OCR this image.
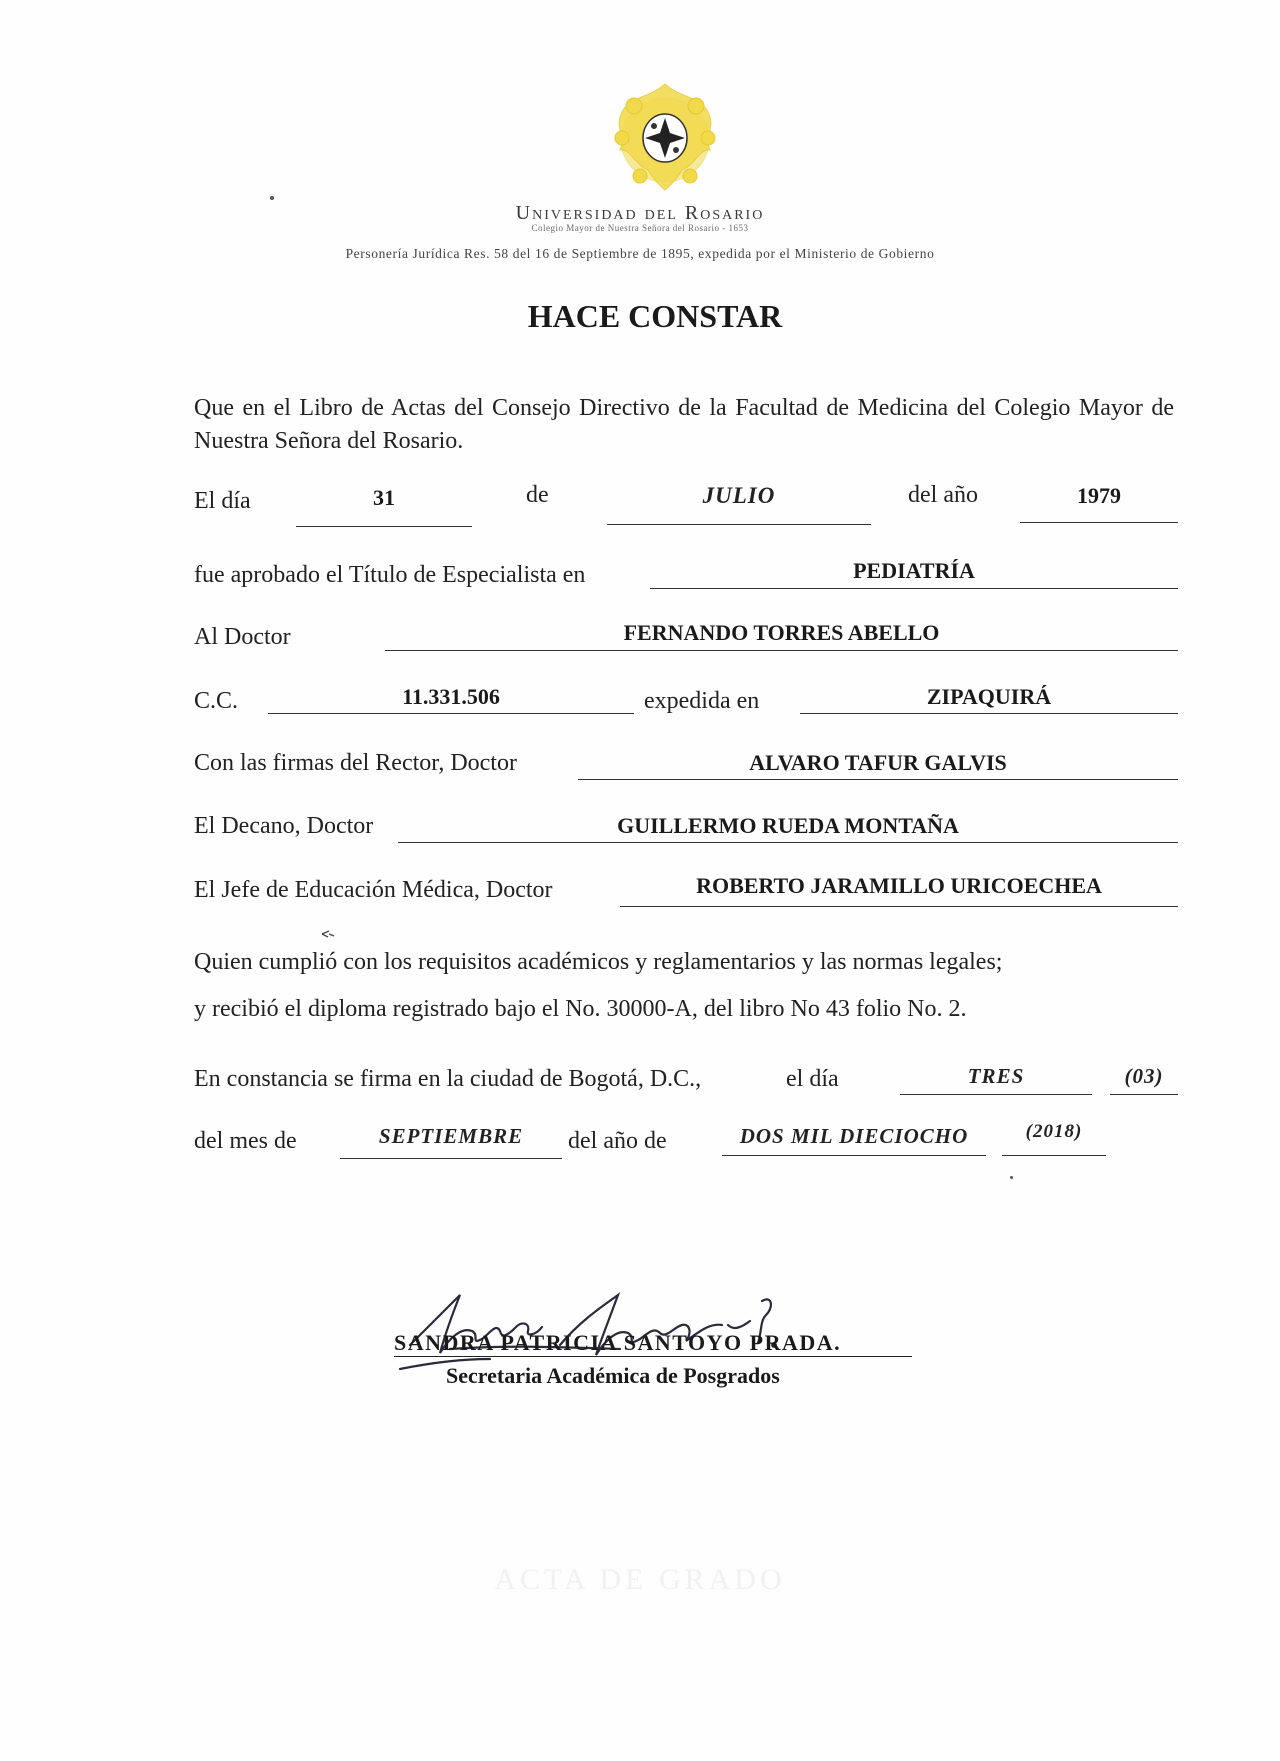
Universidad del Rosario
Colegio Mayor de Nuestra Señora del Rosario - 1653
Personería Jurídica Res. 58 del 16 de Septiembre de 1895, expedida por el Ministerio de Gobierno
HACE CONSTAR
Que en el Libro de Actas del Consejo Directivo de la Facultad de Medicina del Colegio Mayor de Nuestra Señora del Rosario.
El día	31	de	JULIO	del año	1979
fue aprobado el Título de Especialista en	PEDIATRÍA
Al Doctor	FERNANDO TORRES ABELLO
C.C.	11.331.506	expedida en	ZIPAQUIRÁ
Con las firmas del Rector, Doctor	ALVARO TAFUR GALVIS
El Decano, Doctor	GUILLERMO RUEDA MONTAÑA
El Jefe de Educación Médica, Doctor	ROBERTO JARAMILLO URICOECHEA
Quien cumplió con los requisitos académicos y reglamentarios y las normas legales;
y recibió el diploma registrado bajo el No. 30000-A, del libro No 43 folio No. 2.
En constancia se firma en la ciudad de Bogotá, D.C.,	el día	TRES	(03)
del mes de	SEPTIEMBRE	del año de	DOS MIL DIECIOCHO	(2018)
SANDRA PATRICIA SANTOYO PRADA.
Secretaria Académica de Posgrados
ACTA DE GRADO
